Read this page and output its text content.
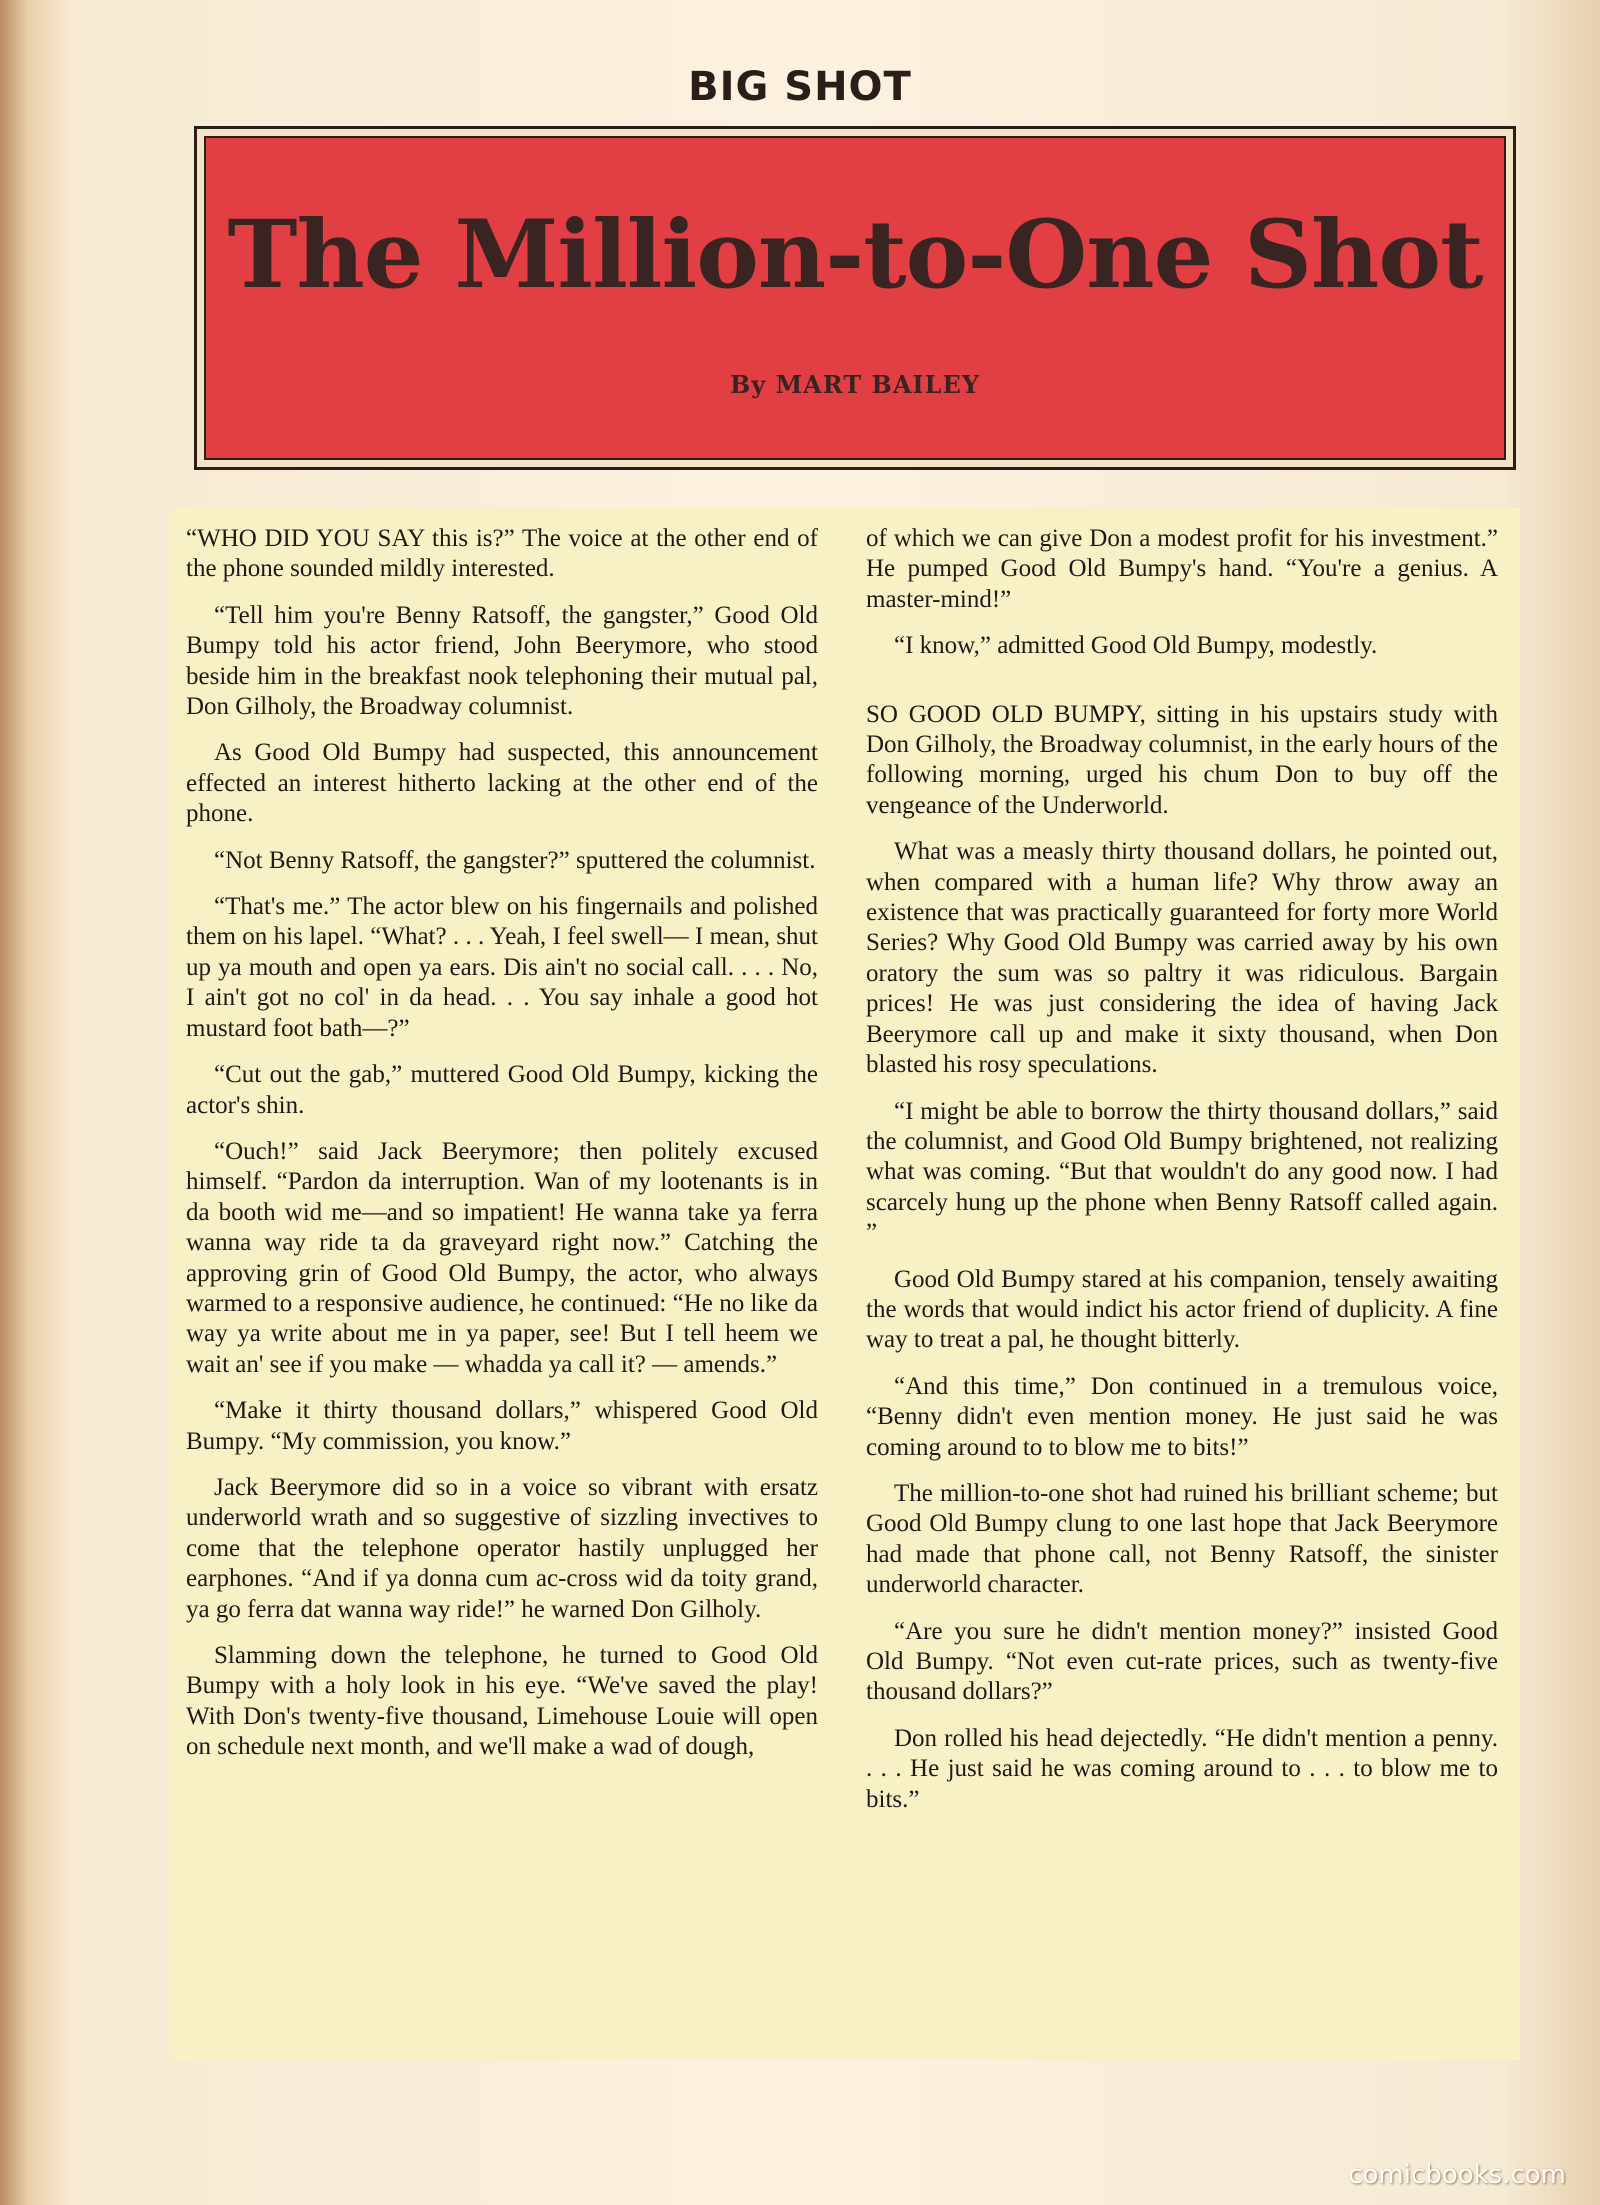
BIG SHOT
The Million-to-One Shot
By MART BAILEY

“WHO DID YOU SAY this is?” The voice at the other end of the phone sounded mildly interested.

“Tell him you're Benny Ratsoff, the gangster,” Good Old Bumpy told his actor friend, John Beerymore, who stood beside him in the breakfast nook telephoning their mutual pal, Don Gilholy, the Broadway columnist.

As Good Old Bumpy had suspected, this announcement effected an interest hitherto lacking at the other end of the phone.

“Not Benny Ratsoff, the gangster?” sputtered the columnist.

“That's me.” The actor blew on his fingernails and polished them on his lapel. “What? . . . Yeah, I feel swell— I mean, shut up ya mouth and open ya ears. Dis ain't no social call. . . . No, I ain't got no col' in da head. . . You say inhale a good hot mustard foot bath—?”

“Cut out the gab,” muttered Good Old Bumpy, kicking the actor's shin.

“Ouch!” said Jack Beerymore; then politely excused himself. “Pardon da interruption. Wan of my lootenants is in da booth wid me—and so impatient! He wanna take ya ferra wanna way ride ta da graveyard right now.” Catching the approving grin of Good Old Bumpy, the actor, who always warmed to a responsive audience, he continued: “He no like da way ya write about me in ya paper, see! But I tell heem we wait an' see if you make — whadda ya call it? — amends.”

“Make it thirty thousand dollars,” whispered Good Old Bumpy. “My commission, you know.”

Jack Beerymore did so in a voice so vibrant with ersatz underworld wrath and so suggestive of sizzling invectives to come that the telephone operator hastily unplugged her earphones. “And if ya donna cum ac-cross wid da toity grand, ya go ferra dat wanna way ride!” he warned Don Gilholy.

Slamming down the telephone, he turned to Good Old Bumpy with a holy look in his eye. “We've saved the play! With Don's twenty-five thousand, Limehouse Louie will open on schedule next month, and we'll make a wad of dough,

of which we can give Don a modest profit for his investment.” He pumped Good Old Bumpy's hand. “You're a genius. A master-mind!”

“I know,” admitted Good Old Bumpy, modestly.

SO GOOD OLD BUMPY, sitting in his upstairs study with Don Gilholy, the Broadway columnist, in the early hours of the following morning, urged his chum Don to buy off the vengeance of the Underworld.

What was a measly thirty thousand dollars, he pointed out, when compared with a human life? Why throw away an existence that was practically guaranteed for forty more World Series? Why Good Old Bumpy was carried away by his own oratory the sum was so paltry it was ridiculous. Bargain prices! He was just considering the idea of having Jack Beerymore call up and make it sixty thousand, when Don blasted his rosy speculations.

“I might be able to borrow the thirty thousand dollars,” said the columnist, and Good Old Bumpy brightened, not realizing what was coming. “But that wouldn't do any good now. I had scarcely hung up the phone when Benny Ratsoff called again. ”

Good Old Bumpy stared at his companion, tensely awaiting the words that would indict his actor friend of duplicity. A fine way to treat a pal, he thought bitterly.

“And this time,” Don continued in a tremulous voice, “Benny didn't even mention money. He just said he was coming around to to blow me to bits!”

The million-to-one shot had ruined his brilliant scheme; but Good Old Bumpy clung to one last hope that Jack Beerymore had made that phone call, not Benny Ratsoff, the sinister underworld character.

“Are you sure he didn't mention money?” insisted Good Old Bumpy. “Not even cut-rate prices, such as twenty-five thousand dollars?”

Don rolled his head dejectedly. “He didn't mention a penny. . . . He just said he was coming around to . . . to blow me to bits.”

comicbooks.com
